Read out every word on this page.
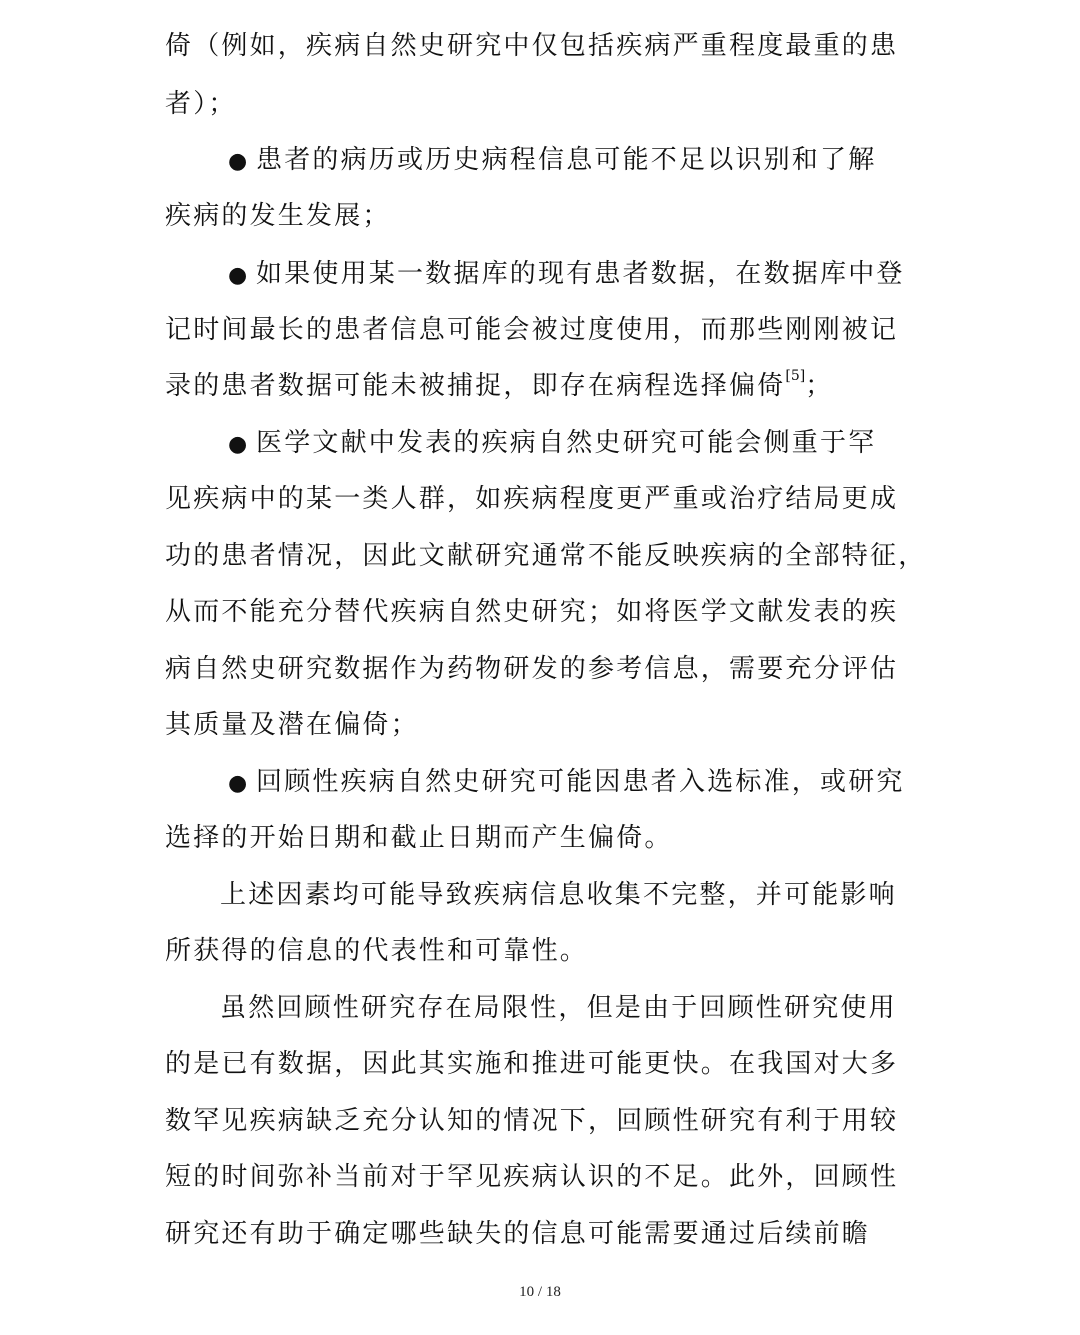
倚（例如，疾病自然史研究中仅包括疾病严重程度最重的患
者）；
● 患者的病历或历史病程信息可能不足以识别和了解
疾病的发生发展；
● 如果使用某一数据库的现有患者数据，在数据库中登
记时间最长的患者信息可能会被过度使用，而那些刚刚被记
录的患者数据可能未被捕捉，即存在病程选择偏倚[5]；
● 医学文献中发表的疾病自然史研究可能会侧重于罕
见疾病中的某一类人群，如疾病程度更严重或治疗结局更成
功的患者情况，因此文献研究通常不能反映疾病的全部特征，
从而不能充分替代疾病自然史研究；如将医学文献发表的疾
病自然史研究数据作为药物研发的参考信息，需要充分评估
其质量及潜在偏倚；
● 回顾性疾病自然史研究可能因患者入选标准，或研究
选择的开始日期和截止日期而产生偏倚。
上述因素均可能导致疾病信息收集不完整，并可能影响
所获得的信息的代表性和可靠性。
虽然回顾性研究存在局限性，但是由于回顾性研究使用
的是已有数据，因此其实施和推进可能更快。在我国对大多
数罕见疾病缺乏充分认知的情况下，回顾性研究有利于用较
短的时间弥补当前对于罕见疾病认识的不足。此外，回顾性
研究还有助于确定哪些缺失的信息可能需要通过后续前瞻
10 / 18
